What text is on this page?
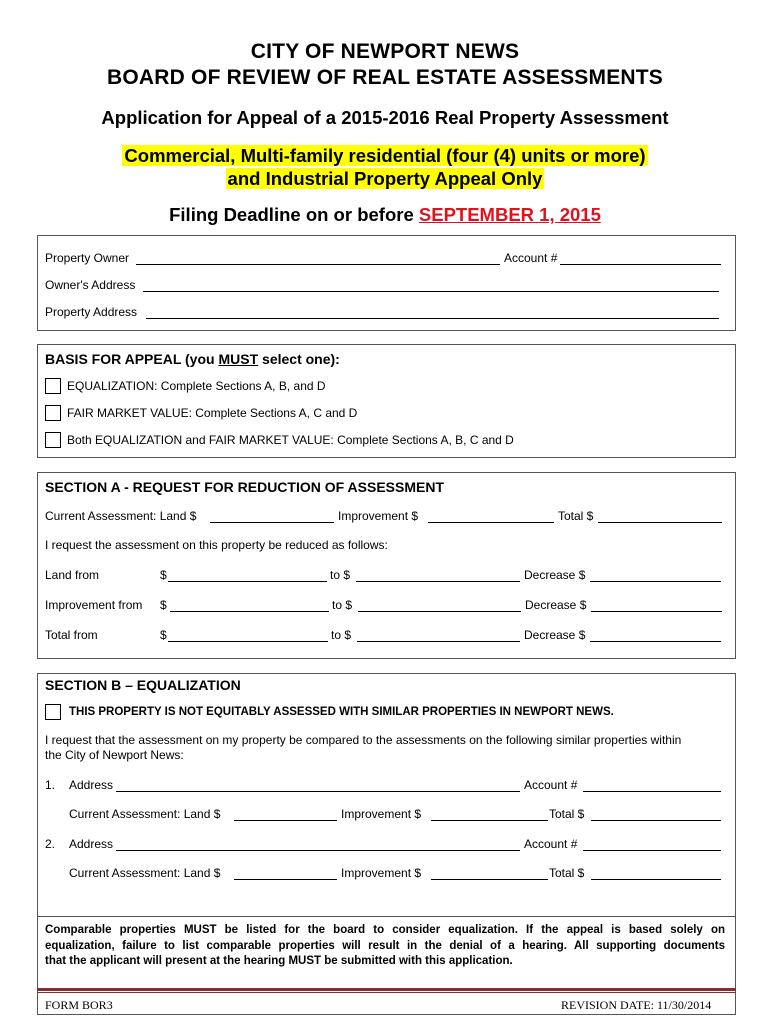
CITY OF NEWPORT NEWS
BOARD OF REVIEW OF REAL ESTATE ASSESSMENTS
Application for Appeal of a 2015-2016 Real Property Assessment
Commercial, Multi-family residential (four (4) units or more)
and Industrial Property Appeal Only
Filing Deadline on or before SEPTEMBER 1, 2015
Property Owner	Account #
Owner's Address
Property Address
BASIS FOR APPEAL (you MUST select one):
EQUALIZATION: Complete Sections A, B, and D
FAIR MARKET VALUE: Complete Sections A, C and D
Both EQUALIZATION and FAIR MARKET VALUE: Complete Sections A, B, C and D
SECTION A - REQUEST FOR REDUCTION OF ASSESSMENT
Current Assessment: Land $	Improvement $	Total $
I request the assessment on this property be reduced as follows:
Land from	$	to $	Decrease $
Improvement from $	to $	Decrease $
Total from	$	to $	Decrease $
SECTION B – EQUALIZATION
THIS PROPERTY IS NOT EQUITABLY ASSESSED WITH SIMILAR PROPERTIES IN NEWPORT NEWS.
I request that the assessment on my property be compared to the assessments on the following similar properties within
the City of Newport News:
1. Address	Account #
Current Assessment: Land $	Improvement $	Total $
2. Address	Account #
Current Assessment: Land $	Improvement $	Total $
Comparable properties MUST be listed for the board to consider equalization. If the appeal is based solely on
equalization, failure to list comparable properties will result in the denial of a hearing. All supporting documents
that the applicant will present at the hearing MUST be submitted with this application.
FORM BOR3	REVISION DATE: 11/30/2014
